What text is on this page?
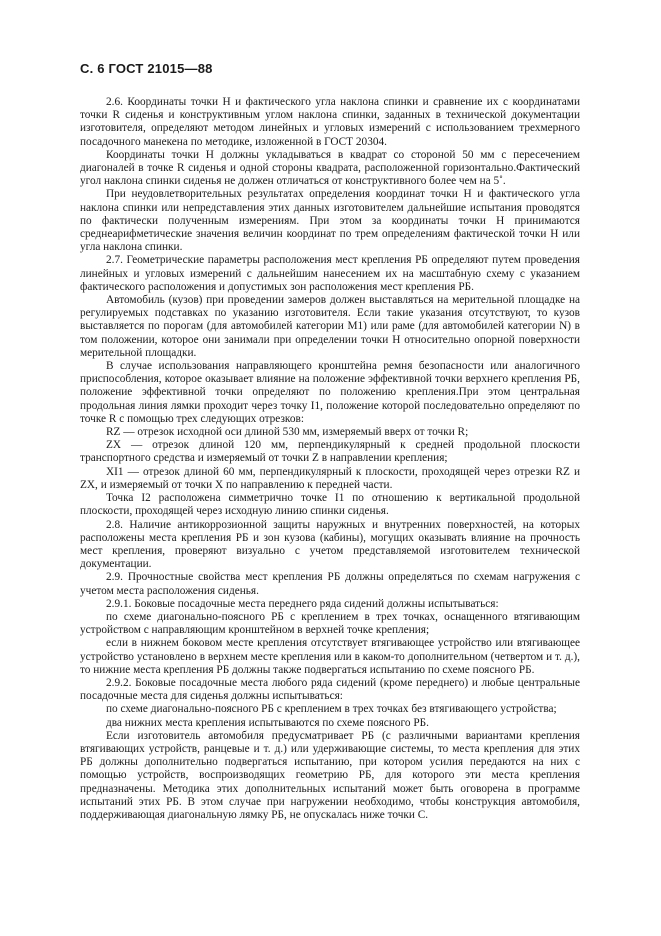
С. 6 ГОСТ 21015—88

2.6. Координаты точки H и фактического угла наклона спинки и сравнение их с координатами точки R сиденья и конструктивным углом наклона спинки, заданных в технической документации изготовителя, определяют методом линейных и угловых измерений с использованием трехмерного посадочного манекена по методике, изложенной в ГОСТ 20304.

Координаты точки H должны укладываться в квадрат со стороной 50 мм с пересечением диагоналей в точке R сиденья и одной стороны квадрата, расположенной горизонтально.Фактический угол наклона спинки сиденья не должен отличаться от конструктивного более чем на 5˚.

При неудовлетворительных результатах определения координат точки H и фактического угла наклона спинки или непредставления этих данных изготовителем дальнейшие испытания проводятся по фактически полученным измерениям. При этом за координаты точки H принимаются среднеарифметические значения величин координат по трем определениям фактической точки H или угла наклона спинки.

2.7. Геометрические параметры расположения мест крепления РБ определяют путем проведения линейных и угловых измерений с дальнейшим нанесением их на масштабную схему с указанием фактического расположения и допустимых зон расположения мест крепления РБ.

Автомобиль (кузов) при проведении замеров должен выставляться на мерительной площадке на регулируемых подставках по указанию изготовителя. Если такие указания отсутствуют, то кузов выставляется по порогам (для автомобилей категории M1) или раме (для автомобилей категории N) в том положении, которое они занимали при определении точки H относительно опорной поверхности мерительной площадки.

В случае использования направляющего кронштейна ремня безопасности или аналогичного приспособления, которое оказывает влияние на положение эффективной точки верхнего крепления РБ, положение эффективной точки определяют по положению крепления.При этом центральная продольная линия лямки проходит через точку I1, положение которой последовательно определяют по точке R с помощью трех следующих отрезков:

RZ — отрезок исходной оси длиной 530 мм, измеряемый вверх от точки R;

ZX — отрезок длиной 120 мм, перпендикулярный к средней продольной плоскости транспортного средства и измеряемый от точки Z в направлении крепления;

XI1 — отрезок длиной 60 мм, перпендикулярный к плоскости, проходящей через отрезки RZ и ZX, и измеряемый от точки X по направлению к передней части.

Точка I2 расположена симметрично точке I1 по отношению к вертикальной продольной плоскости, проходящей через исходную линию спинки сиденья.

2.8. Наличие антикоррозионной защиты наружных и внутренних поверхностей, на которых расположены места крепления РБ и зон кузова (кабины), могущих оказывать влияние на прочность мест крепления, проверяют визуально с учетом представляемой изготовителем технической документации.

2.9. Прочностные свойства мест крепления РБ должны определяться по схемам нагружения с учетом места расположения сиденья.

2.9.1. Боковые посадочные места переднего ряда сидений должны испытываться:

по схеме диагонально-поясного РБ с креплением в трех точках, оснащенного втягивающим устройством с направляющим кронштейном в верхней точке крепления;

если в нижнем боковом месте крепления отсутствует втягивающее устройство или втягивающее устройство установлено в верхнем месте крепления или в каком-то дополнительном (четвертом и т. д.), то нижние места крепления РБ должны также подвергаться испытанию по схеме поясного РБ.

2.9.2. Боковые посадочные места любого ряда сидений (кроме переднего) и любые центральные посадочные места для сиденья должны испытываться:

по схеме диагонально-поясного РБ с креплением в трех точках без втягивающего устройства;

два нижних места крепления испытываются по схеме поясного РБ.

Если изготовитель автомобиля предусматривает РБ (с различными вариантами крепления втягивающих устройств, ранцевые и т. д.) или удерживающие системы, то места крепления для этих РБ должны дополнительно подвергаться испытанию, при котором усилия передаются на них с помощью устройств, воспроизводящих геометрию РБ, для которого эти места крепления предназначены. Методика этих дополнительных испытаний может быть оговорена в программе испытаний этих РБ. В этом случае при нагружении необходимо, чтобы конструкция автомобиля, поддерживающая диагональную лямку РБ, не опускалась ниже точки C.
